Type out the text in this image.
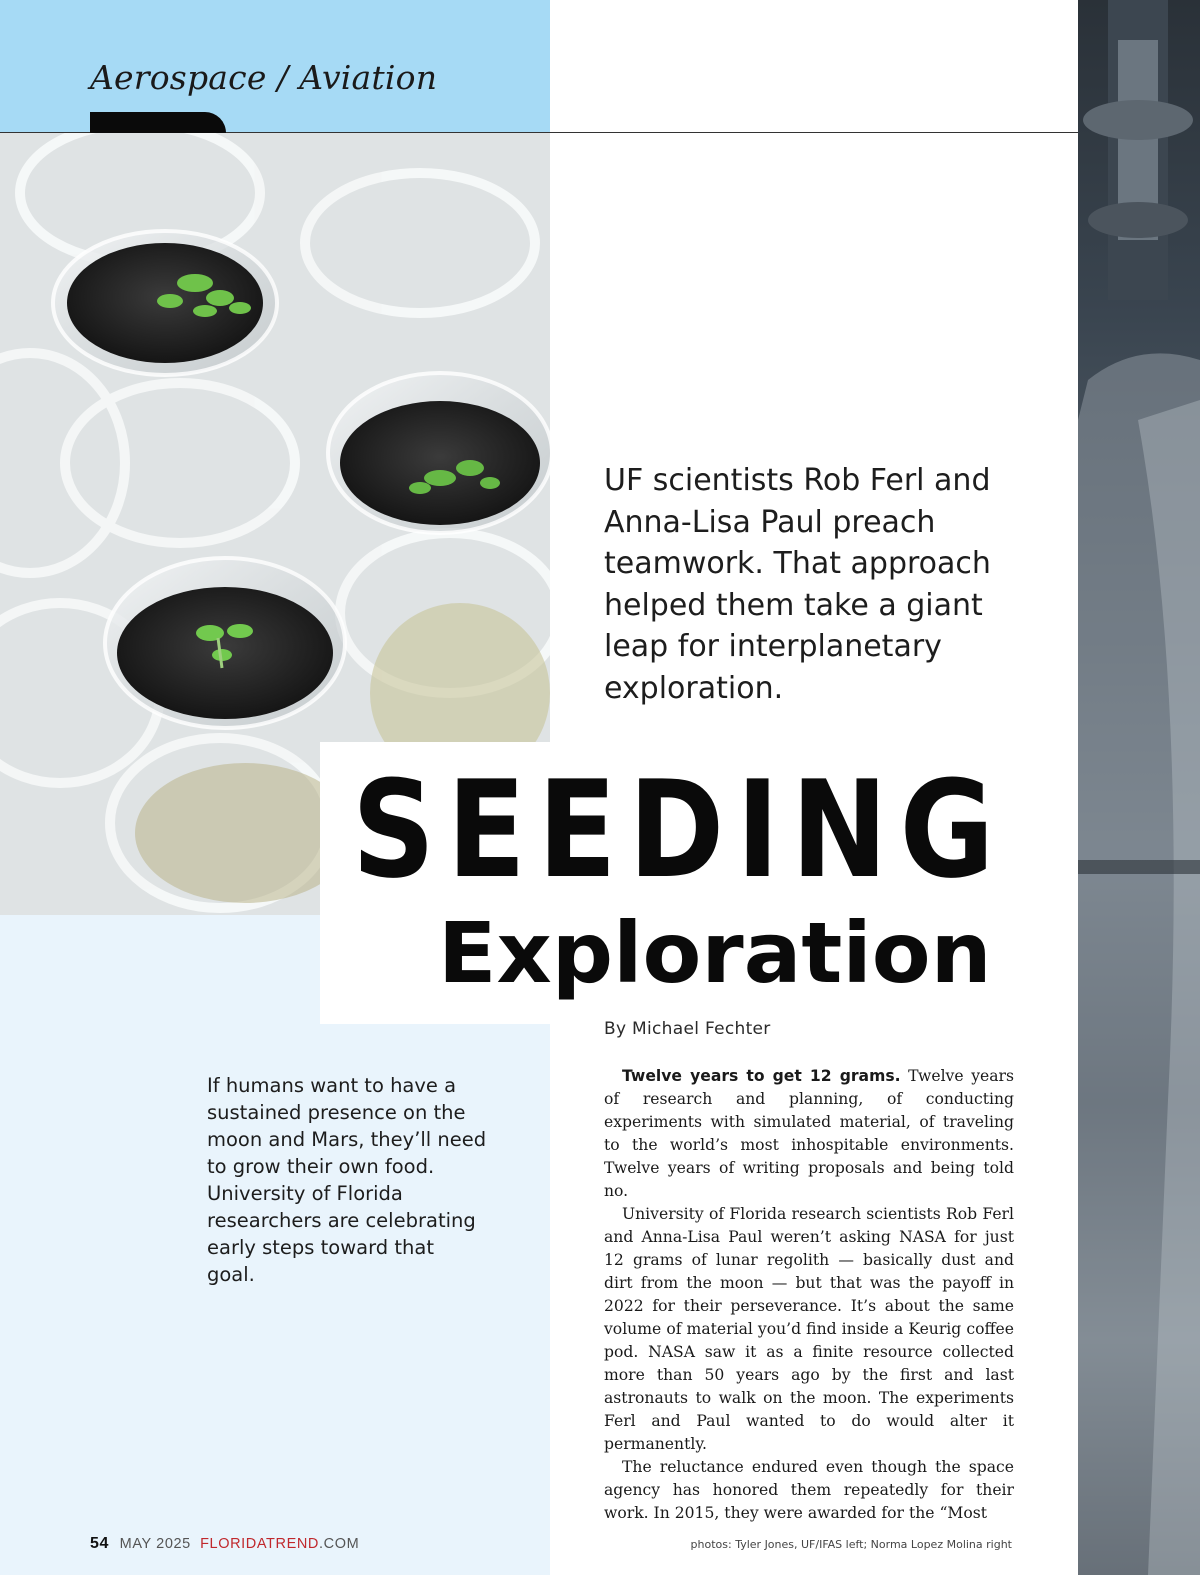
Aerospace / Aviation

UF scientists Rob Ferl and Anna-Lisa Paul preach teamwork. That approach helped them take a giant leap for interplanetary exploration.

SEEDING
Exploration
By Michael Fechter

If humans want to have a sustained presence on the moon and Mars, they’ll need to grow their own food. University of Florida researchers are celebrating early steps toward that goal.

Twelve years to get 12 grams. Twelve years of research and planning, of conducting experiments with simulated material, of traveling to the world’s most inhospitable environments. Twelve years of writing proposals and being told no.

University of Florida research scientists Rob Ferl and Anna-Lisa Paul weren’t asking NASA for just 12 grams of lunar regolith — basically dust and dirt from the moon — but that was the payoff in 2022 for their perseverance. It’s about the same volume of material you’d find inside a Keurig coffee pod. NASA saw it as a finite resource collected more than 50 years ago by the first and last astronauts to walk on the moon. The experiments Ferl and Paul wanted to do would alter it permanently.

The reluctance endured even though the space agency has honored them repeatedly for their work. In 2015, they were awarded for the “Most

54 MAY 2025 FLORIDATREND.COM	photos: Tyler Jones, UF/IFAS left; Norma Lopez Molina right
